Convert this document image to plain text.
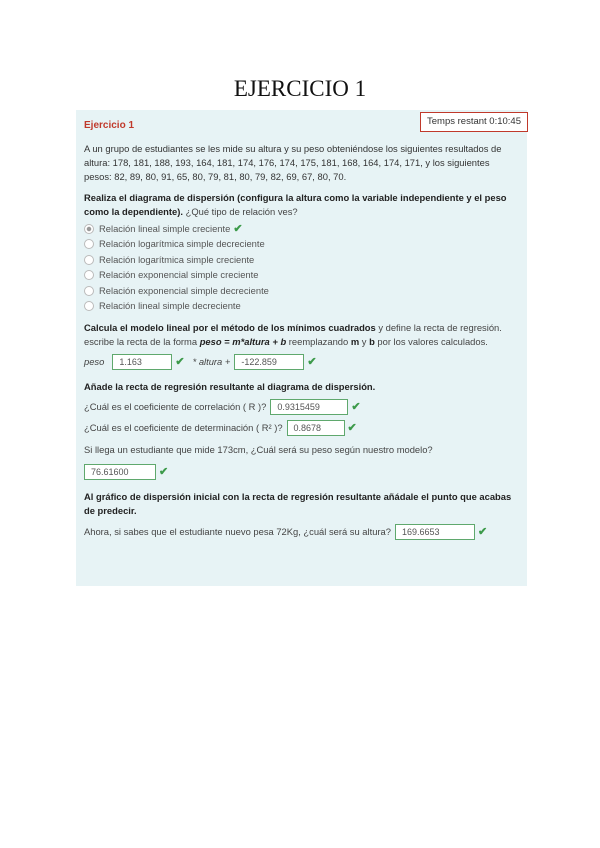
EJERCICIO 1
Ejercicio 1	Temps restant 0:10:45
A un grupo de estudiantes se les mide su altura y su peso obteniéndose los siguientes resultados de altura: 178, 181, 188, 193, 164, 181, 174, 176, 174, 175, 181, 168, 164, 174, 171, y los siguientes pesos: 82, 89, 80, 91, 65, 80, 79, 81, 80, 79, 82, 69, 67, 80, 70.
Realiza el diagrama de dispersión (configura la altura como la variable independiente y el peso como la dependiente). ¿Qué tipo de relación ves?
Relación lineal simple creciente ✔
Relación logarítmica simple decreciente
Relación logarítmica simple creciente
Relación exponencial simple creciente
Relación exponencial simple decreciente
Relación lineal simple decreciente
Calcula el modelo lineal por el método de los mínimos cuadrados y define la recta de regresión. escribe la recta de la forma peso = m*altura + b reemplazando m y b por los valores calculados.
peso	1.163	✔ * altura +	-122.859	✔
Añade la recta de regresión resultante al diagrama de dispersión.
¿Cuál es el coeficiente de correlación ( R )?	0.9315459	✔
¿Cuál es el coeficiente de determinación ( R² )?	0.8678	✔
Si llega un estudiante que mide 173cm, ¿Cuál será su peso según nuestro modelo?
76.61600	✔
Al gráfico de dispersión inicial con la recta de regresión resultante añádale el punto que acabas de predecir.
Ahora, si sabes que el estudiante nuevo pesa 72Kg, ¿cuál será su altura?	169.6653	✔
